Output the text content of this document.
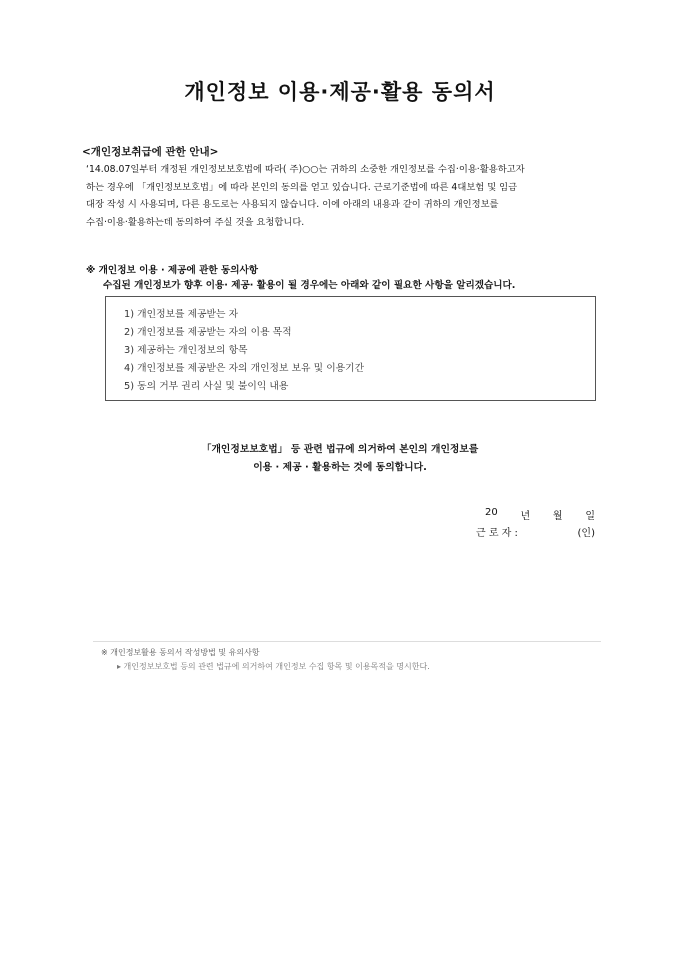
개인정보 이용·제공·활용 동의서
<개인정보취급에 관한 안내>
‘14.08.07일부터 개정된 개인정보보호법에 따라( 주)○○는 귀하의 소중한 개인정보를 수집·이용·활용하고자
하는 경우에 「개인정보보호법」에 따라 본인의 동의를 얻고 있습니다. 근로기준법에 따른 4대보험 및 임금
대장 작성 시 사용되며, 다른 용도로는 사용되지 않습니다. 이에 아래의 내용과 같이 귀하의 개인정보를
수집·이용·활용하는데 동의하여 주실 것을 요청합니다.
※ 개인정보 이용 · 제공에 관한 동의사항
수집된 개인정보가 향후 이용· 제공· 활용이 될 경우에는 아래와 같이 필요한 사항을 알리겠습니다.
1) 개인정보를 제공받는 자
2) 개인정보를 제공받는 자의 이용 목적
3) 제공하는 개인정보의 항목
4) 개인정보를 제공받은 자의 개인정보 보유 및 이용기간
5) 동의 거부 권리 사실 및 불이익 내용
「개인정보보호법」 등 관련 법규에 의거하여 본인의 개인정보를
이용 · 제공 · 활용하는 것에 동의합니다.
20 년 월 일
근 로 자 :	(인)
※ 개인정보활용 동의서 작성방법 및 유의사항
▸ 개인정보보호법 등의 관련 법규에 의거하여 개인정보 수집 항목 및 이용목적을 명시한다.
